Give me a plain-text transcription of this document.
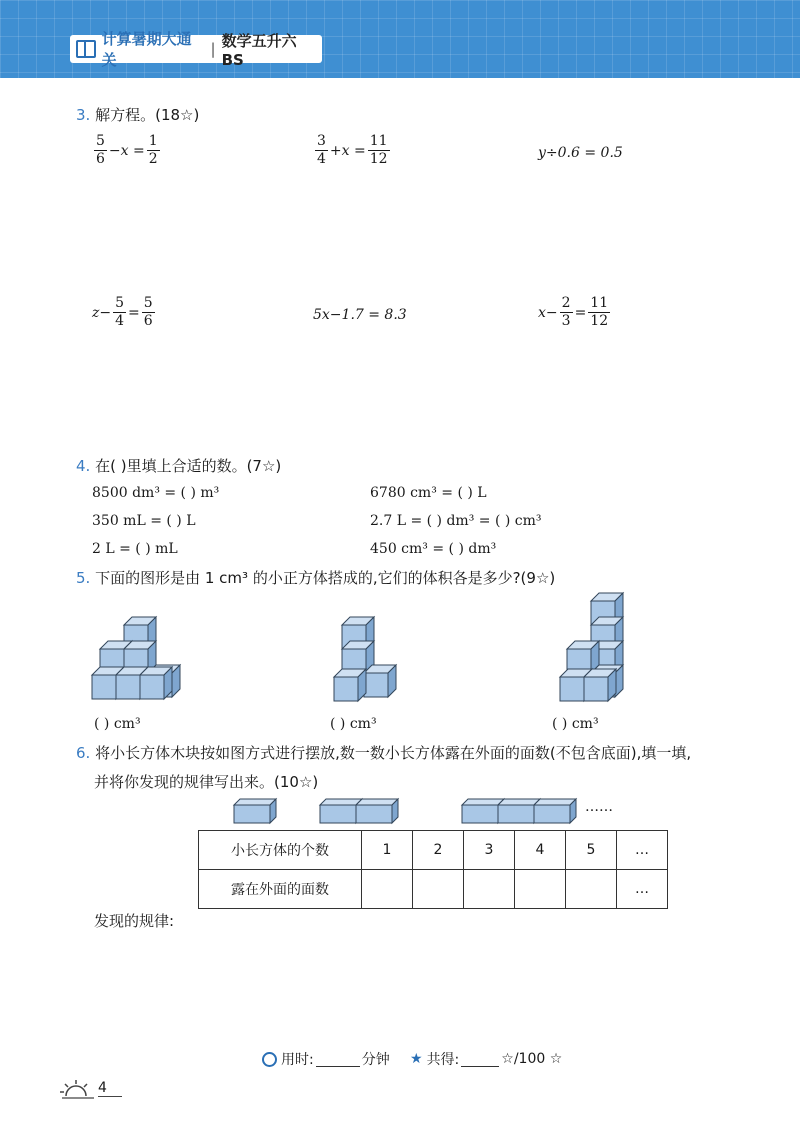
计算暑期大通关
| 数学五升六 BS
3. 解方程。(18☆)
$\frac{5}{6} -x = \frac{1}{2}$	$\frac{3}{4} +x = \frac{11}{12}$	y÷0.6 = 0.5
$z- \frac{5}{4} = \frac{5}{6}$	5x−1.7 = 8.3	$x- \frac{2}{3} = \frac{11}{12}$
4. 在( )里填上合适的数。(7☆)
8500 dm³ = ( ) m³	6780 cm³ = ( ) L
350 mL = ( ) L	2.7 L = ( ) dm³ = ( ) cm³
2 L = ( ) mL	450 cm³ = ( ) dm³
5. 下面的图形是由 1 cm³ 的小正方体搭成的,它们的体积各是多少?(9☆)
( ) cm³	( ) cm³	( ) cm³
6. 将小长方体木块按如图方式进行摆放,数一数小长方体露在外面的面数(不包含底面),填一填,
并将你发现的规律写出来。(10☆)
……
小长方体的个数	1	2	3	4	5	…
露在外面的面数						…
发现的规律:
用时:	分钟 ★ 共得:	☆/100 ☆
4
